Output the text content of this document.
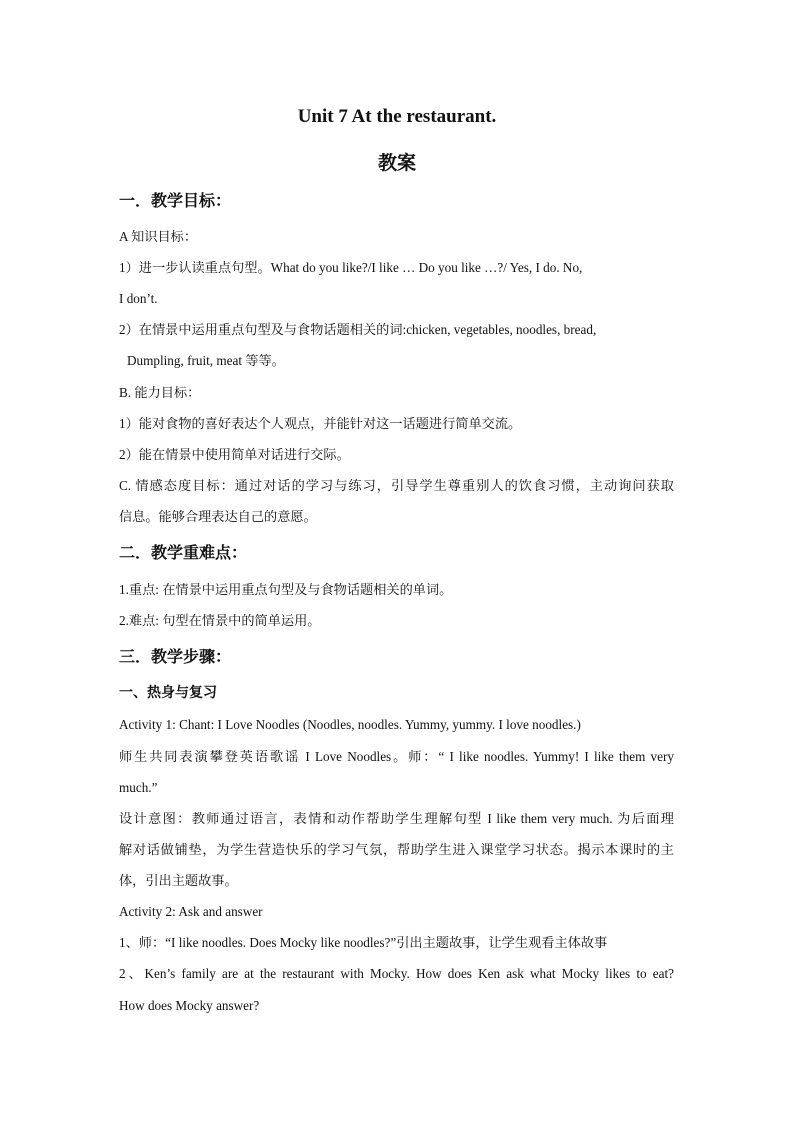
Unit 7 At the restaurant.
教案
一．教学目标：
A 知识目标：
1）进一步认读重点句型。What do you like?/I like … Do you like …?/ Yes, I do. No,
I don’t.
2）在情景中运用重点句型及与食物话题相关的词:chicken, vegetables, noodles, bread,
Dumpling, fruit, meat 等等。
B. 能力目标：
1）能对食物的喜好表达个人观点，并能针对这一话题进行简单交流。
2）能在情景中使用简单对话进行交际。
C. 情感态度目标：通过对话的学习与练习，引导学生尊重别人的饮食习惯，主动询问获取
信息。能够合理表达自己的意愿。
二．教学重难点：
1.重点: 在情景中运用重点句型及与食物话题相关的单词。
2.难点: 句型在情景中的简单运用。
三．教学步骤：
一、热身与复习
Activity 1: Chant: I Love Noodles (Noodles, noodles. Yummy, yummy. I love noodles.)
师生共同表演攀登英语歌谣 I Love Noodles。师：“ I like noodles. Yummy! I like them very
much.”
设计意图：教师通过语言，表情和动作帮助学生理解句型 I like them very much. 为后面理
解对话做铺垫，为学生营造快乐的学习气氛，帮助学生进入课堂学习状态。揭示本课时的主
体，引出主题故事。
Activity 2: Ask and answer
1、师：“I like noodles. Does Mocky like noodles?”引出主题故事，让学生观看主体故事
2、Ken’s family are at the restaurant with Mocky. How does Ken ask what Mocky likes to eat?
How does Mocky answer?
